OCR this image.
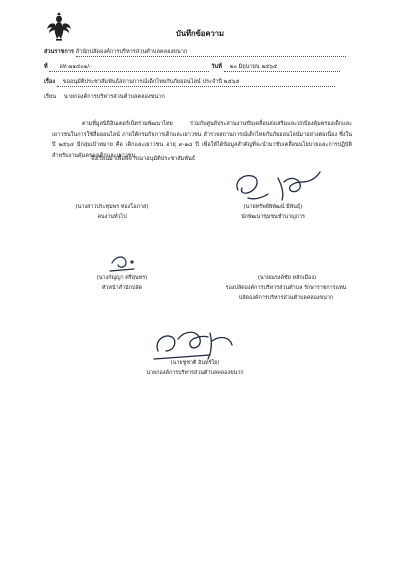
บันทึกข้อความ
ส่วนราชการ สำนักปลัดองค์การบริหารส่วนตำบลคลองขนาก
ที่ อท ๗๑๕๐๑/-	วันที่ ๒๐ มิถุนายน ๒๕๖๕
เรื่อง ขออนุมัติประชาสัมพันธ์สถานการณ์เด็กไทยกับภัยออนไลน์ ประจำปี ๒๕๖๕
เรียน นายกองค์การบริหารส่วนตำบลคลองขนาก
ตามที่มูลนิธิอินเตอร์เน็ตร่วมพัฒนาไทย ร่วมกับศูนย์ประสานงานขับเคลื่อนส่งเสริมและปกป้องคุ้มครองเด็กและเยาวชนในการใช้สื่อออนไลน์ ภายใต้กรมกิจการเด็กและเยาวชน สำรวจสถานการณ์เด็กไทยกับภัยออนไลน์มาอย่างต่อเนื่อง ซึ่งในปี ๒๕๖๔ มีกลุ่มเป้าหมาย คือ เด็กและเยาวชน อายุ ๙-๑๘ ปี เพื่อให้ได้ข้อมูลสำคัญที่จะนำมาขับเคลื่อนนโยบายและการปฏิบัติสำหรับงานคุ้มครองเด็กและเยาวชน
จึงเรียนมาเพื่อพิจารณาอนุมัติประชาสัมพันธ์
(นางสาวประทุมพร ทองโอภาส)
คนงานทั่วไป
(นายทรัพย์พิพัฒน์ มีพันธุ์)
นักพัฒนาชุมชนชำนาญการ
(นางกัญญา ศรีสุนทร)
หัวหน้าสำนักปลัด
(นายณรงค์ชัย หลักเมือง)
รองปลัดองค์การบริหารส่วนตำบล รักษาราชการแทน
ปลัดองค์การบริหารส่วนตำบลคลองขนาก
(นายชูชาติ อินทร์ใย)
นายกองค์การบริหารส่วนตำบลคลองขนาก
